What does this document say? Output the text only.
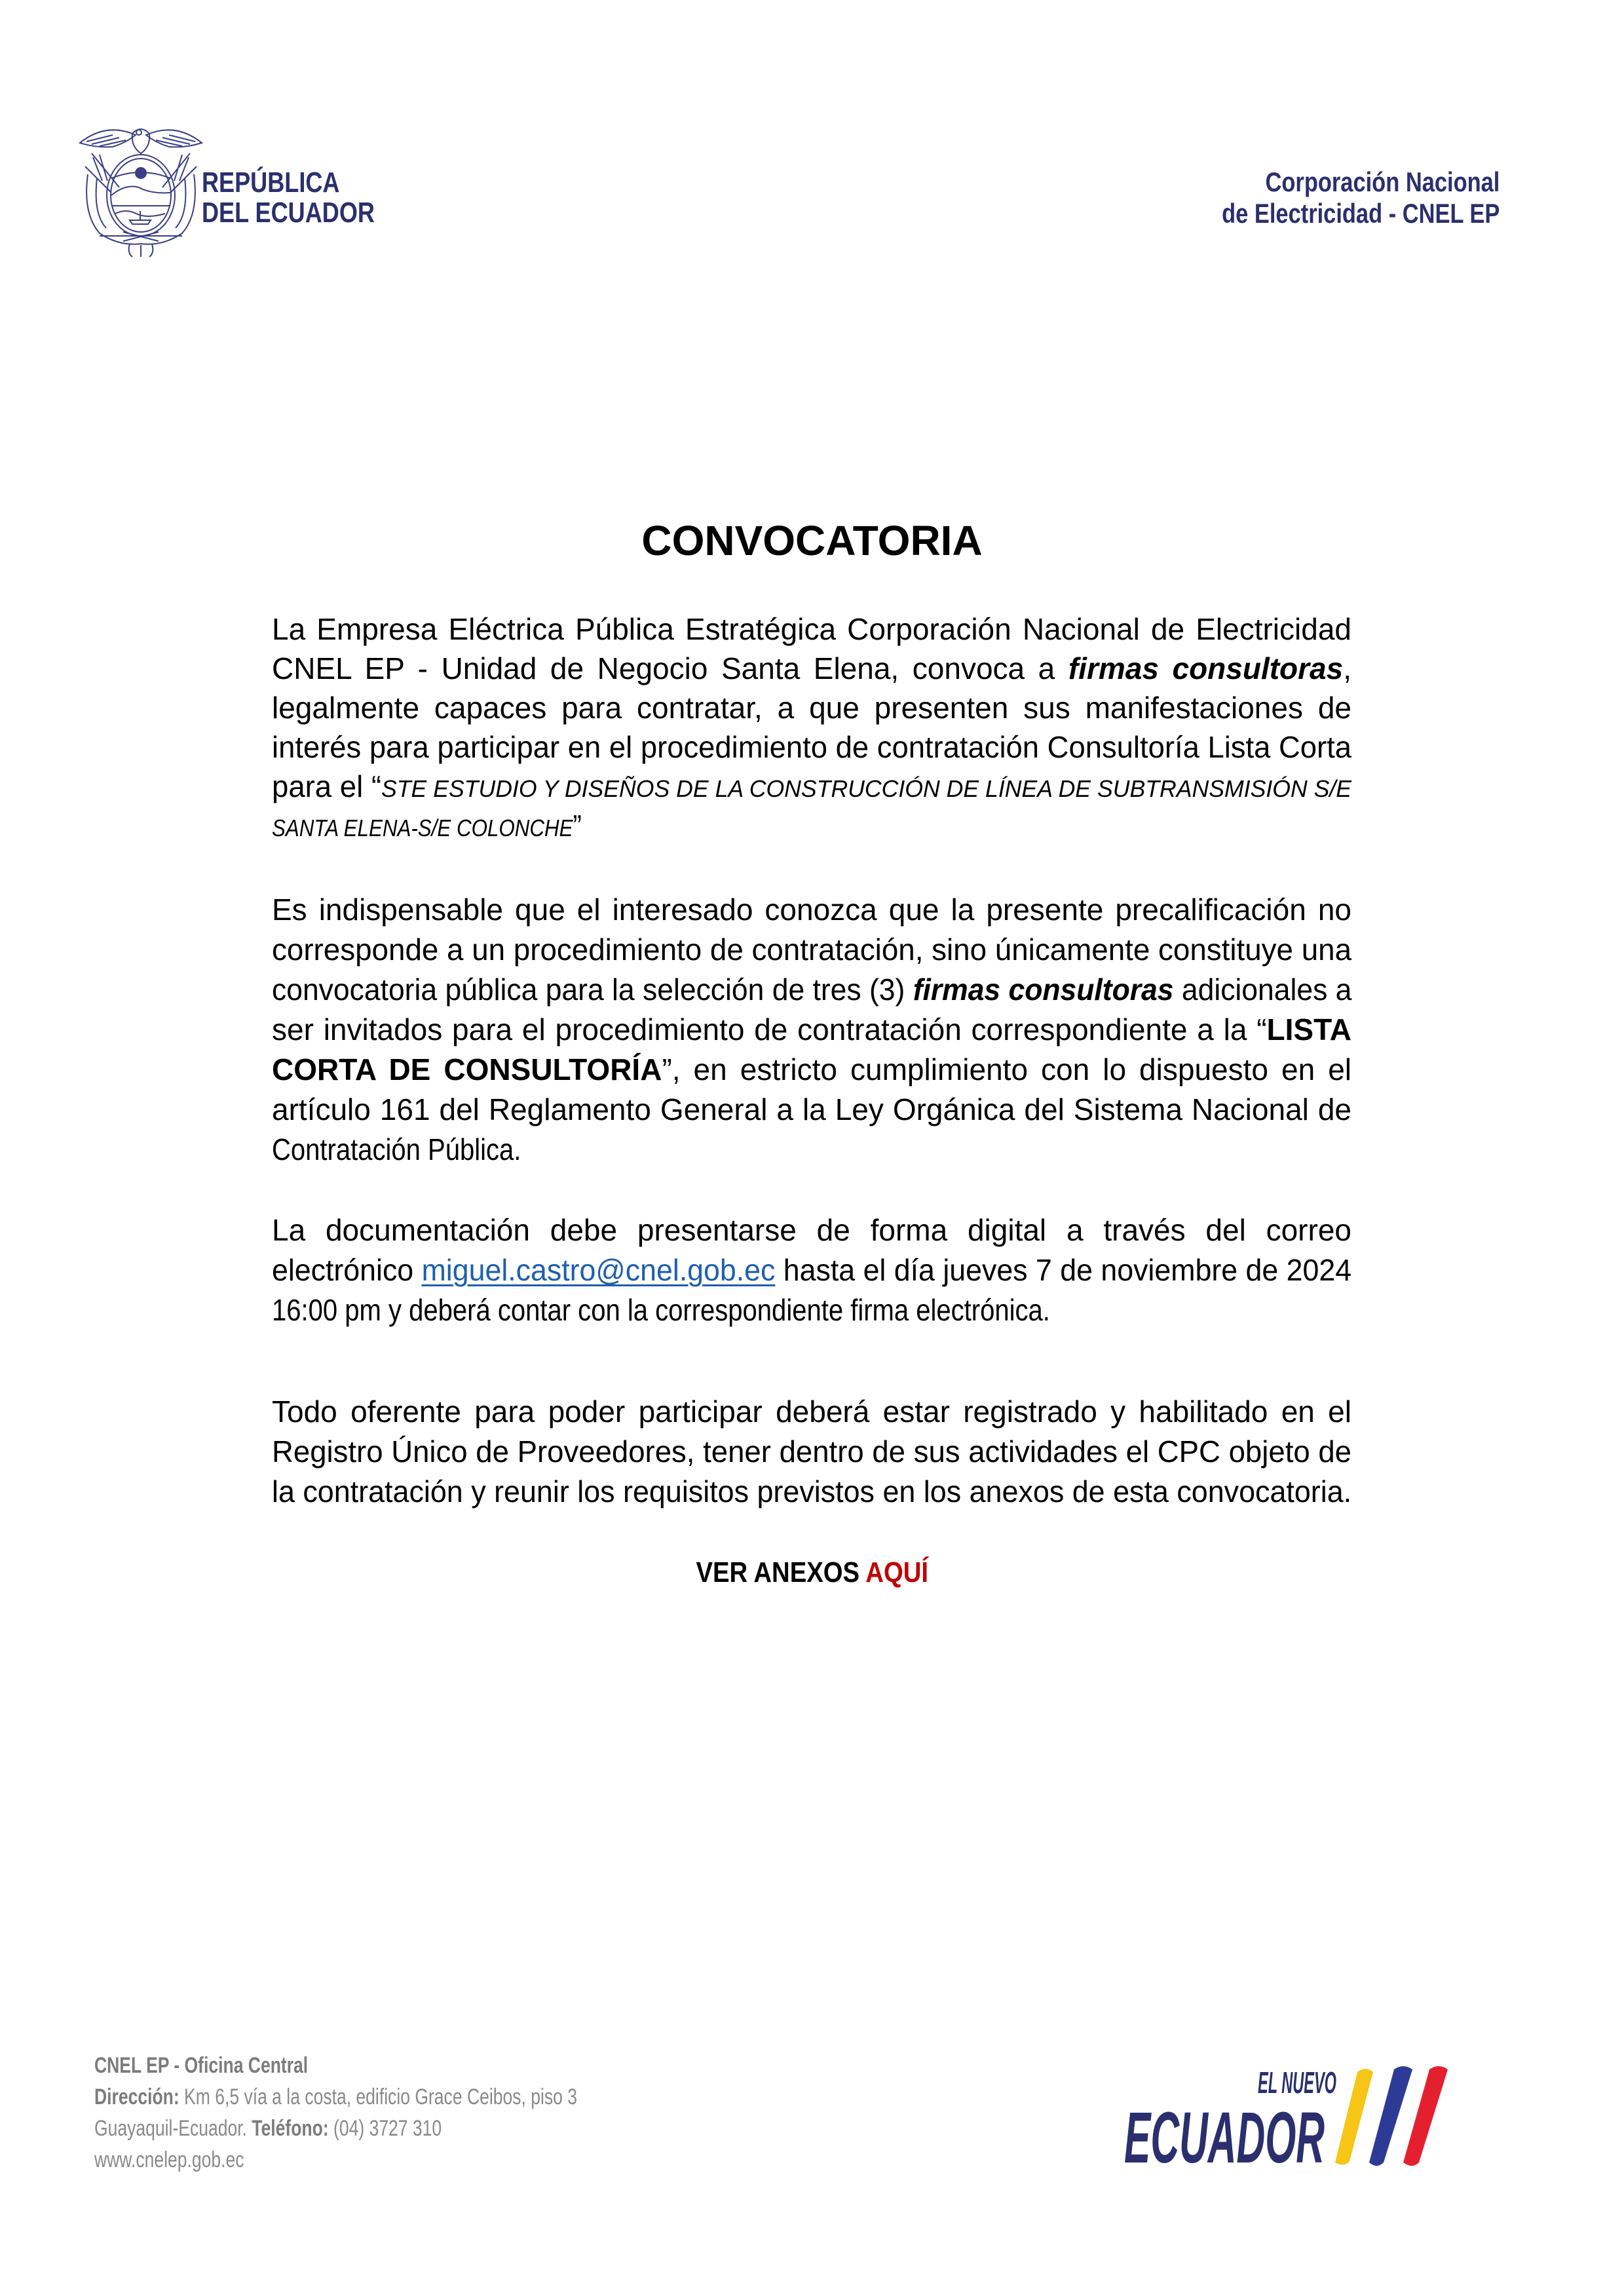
REPÚBLICA
DEL ECUADOR
Corporación Nacional
de Electricidad - CNEL EP
CONVOCATORIA
La Empresa Eléctrica Pública Estratégica Corporación Nacional de Electricidad
CNEL EP - Unidad de Negocio Santa Elena, convoca a firmas consultoras,
legalmente capaces para contratar, a que presenten sus manifestaciones de
interés para participar en el procedimiento de contratación Consultoría Lista Corta
para el “STE ESTUDIO Y DISEÑOS DE LA CONSTRUCCIÓN DE LÍNEA DE SUBTRANSMISIÓN S/E
SANTA ELENA-S/E COLONCHE”
Es indispensable que el interesado conozca que la presente precalificación no
corresponde a un procedimiento de contratación, sino únicamente constituye una
convocatoria pública para la selección de tres (3) firmas consultoras adicionales a
ser invitados para el procedimiento de contratación correspondiente a la “LISTA
CORTA DE CONSULTORÍA”, en estricto cumplimiento con lo dispuesto en el
artículo 161 del Reglamento General a la Ley Orgánica del Sistema Nacional de
Contratación Pública.
La documentación debe presentarse de forma digital a través del correo
electrónico miguel.castro@cnel.gob.ec hasta el día jueves 7 de noviembre de 2024
16:00 pm y deberá contar con la correspondiente firma electrónica.
Todo oferente para poder participar deberá estar registrado y habilitado en el
Registro Único de Proveedores, tener dentro de sus actividades el CPC objeto de
la contratación y reunir los requisitos previstos en los anexos de esta convocatoria.
VER ANEXOS AQUÍ
CNEL EP - Oficina Central
Dirección: Km 6,5 vía a la costa, edificio Grace Ceibos, piso 3
Guayaquil-Ecuador. Teléfono: (04) 3727 310
www.cnelep.gob.ec
EL NUEVO
ECUADOR
